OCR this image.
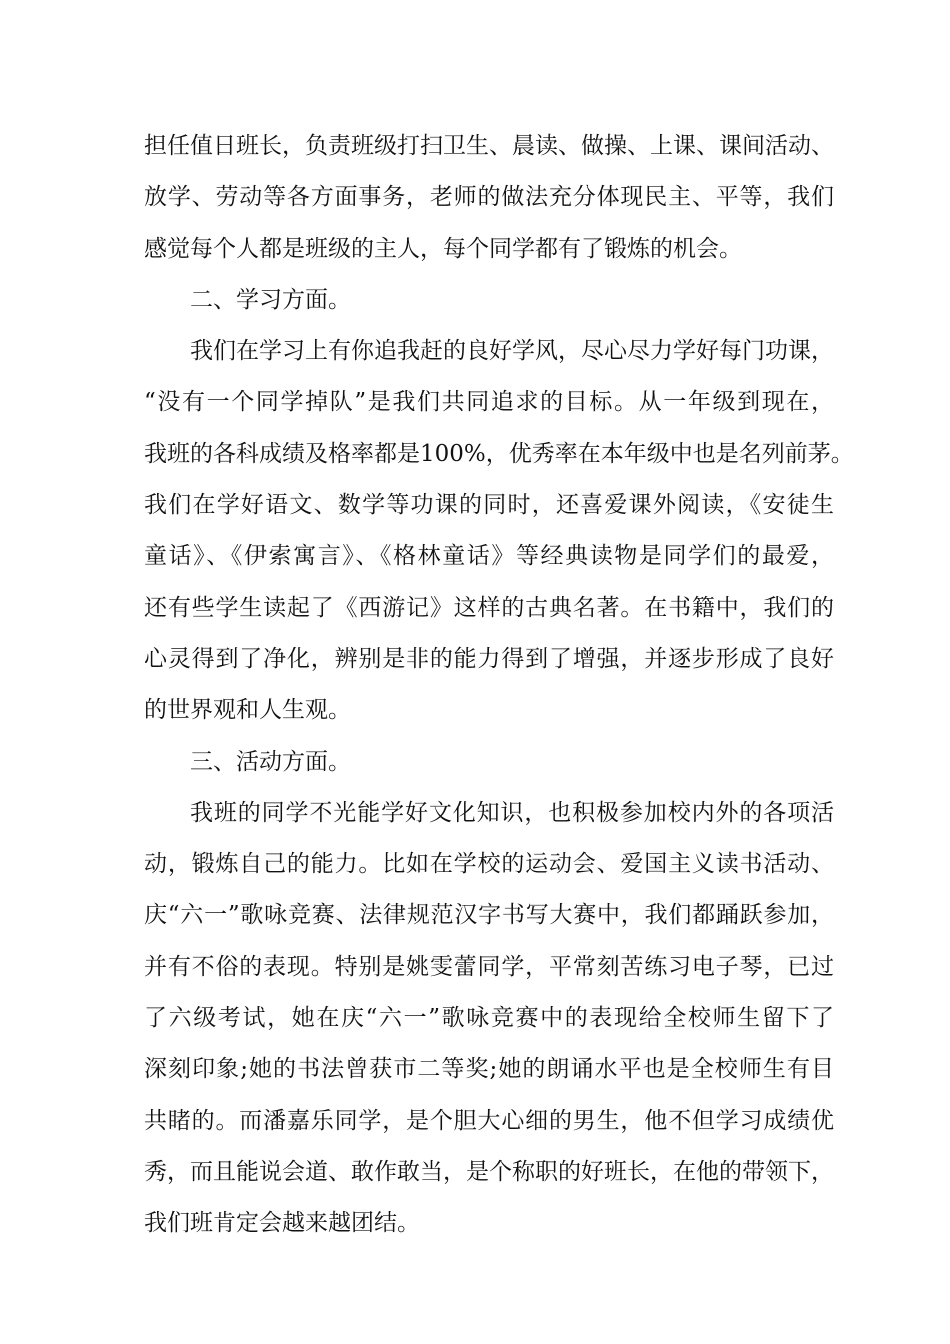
担任值日班长，负责班级打扫卫生、晨读、做操、上课、课间活动、
放学、劳动等各方面事务，老师的做法充分体现民主、平等，我们
感觉每个人都是班级的主人，每个同学都有了锻炼的机会。
二、学习方面。
我们在学习上有你追我赶的良好学风，尽心尽力学好每门功课，
“没有一个同学掉队”是我们共同追求的目标。从一年级到现在，
我班的各科成绩及格率都是100%，优秀率在本年级中也是名列前茅。
我们在学好语文、数学等功课的同时，还喜爱课外阅读，《安徒生
童话》、《伊索寓言》、《格林童话》等经典读物是同学们的最爱，
还有些学生读起了《西游记》这样的古典名著。在书籍中，我们的
心灵得到了净化，辨别是非的能力得到了增强，并逐步形成了良好
的世界观和人生观。
三、活动方面。
我班的同学不光能学好文化知识，也积极参加校内外的各项活
动，锻炼自己的能力。比如在学校的运动会、爱国主义读书活动、
庆“六一”歌咏竞赛、法律规范汉字书写大赛中，我们都踊跃参加，
并有不俗的表现。特别是姚雯蕾同学，平常刻苦练习电子琴，已过
了六级考试，她在庆“六一”歌咏竞赛中的表现给全校师生留下了
深刻印象;她的书法曾获市二等奖;她的朗诵水平也是全校师生有目
共睹的。而潘嘉乐同学，是个胆大心细的男生，他不但学习成绩优
秀，而且能说会道、敢作敢当，是个称职的好班长，在他的带领下，
我们班肯定会越来越团结。
